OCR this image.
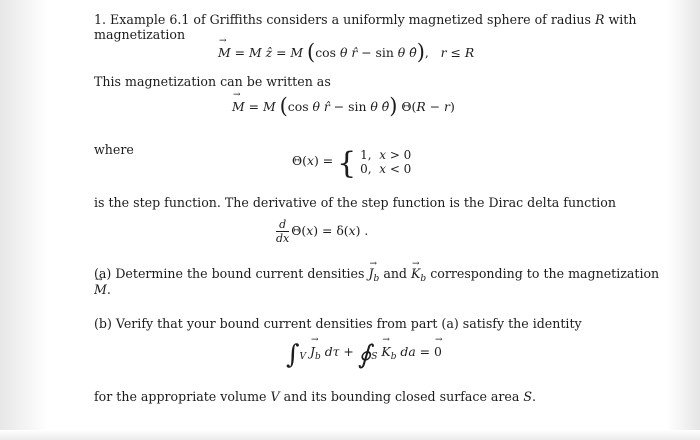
1. Example 6.1 of Griffiths considers a uniformly magnetized sphere of radius R with
magnetization
M → = M ẑ = M (cos θ r̂ − sin θ θ̂),   r ≤ R
This magnetization can be written as
M → = M (cos θ r̂ − sin θ θ̂) Θ(R − r)
where
Θ(x) = { 1,  x > 0
0,  x < 0
is the step function. The derivative of the step function is the Dirac delta function
$\frac{d}{dx} \Theta(x) = \delta(x)$ .
(a) Determine the bound current densities $J \to_b$ and $K \to_b$ corresponding to the magnetization
M →.
(b) Verify that your bound current densities from part (a) satisfy the identity
$\int_V$ $J \to_b$ $d\tau + ∮_S$ $K \to_b$ da = 0 →
for the appropriate volume V and its bounding closed surface area S.
